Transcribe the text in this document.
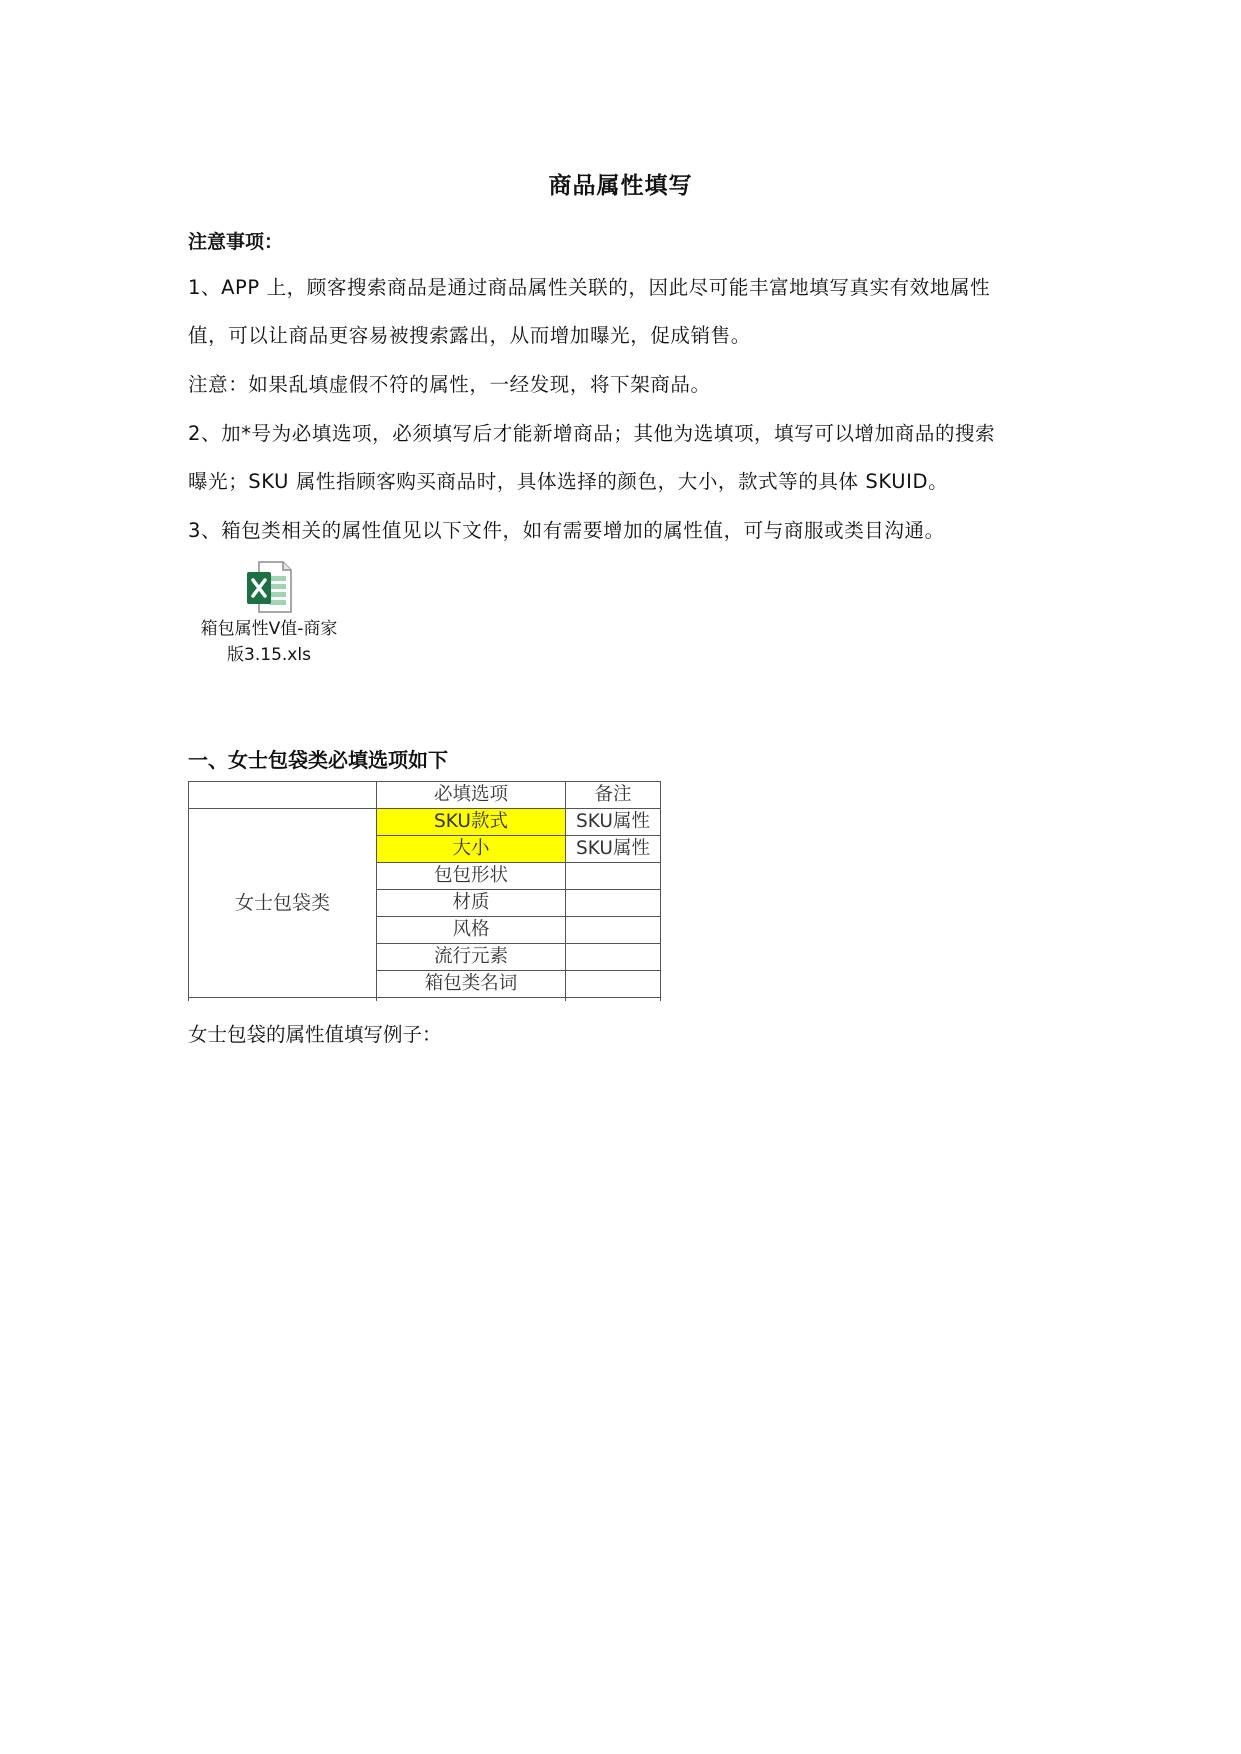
商品属性填写
注意事项：
1、APP 上，顾客搜索商品是通过商品属性关联的，因此尽可能丰富地填写真实有效地属性
值，可以让商品更容易被搜索露出，从而增加曝光，促成销售。
注意：如果乱填虚假不符的属性，一经发现，将下架商品。
2、加*号为必填选项，必须填写后才能新增商品；其他为选填项，填写可以增加商品的搜索
曝光；SKU 属性指顾客购买商品时，具体选择的颜色，大小，款式等的具体 SKUID。
3、箱包类相关的属性值见以下文件，如有需要增加的属性值，可与商服或类目沟通。
箱包属性V值-商家
版3.15.xls
一、女士包袋类必填选项如下
	必填选项	备注
女士包袋类	SKU款式	SKU属性
	大小	SKU属性
	包包形状	
	材质	
	风格	
	流行元素	
	箱包类名词	

女士包袋的属性值填写例子：
